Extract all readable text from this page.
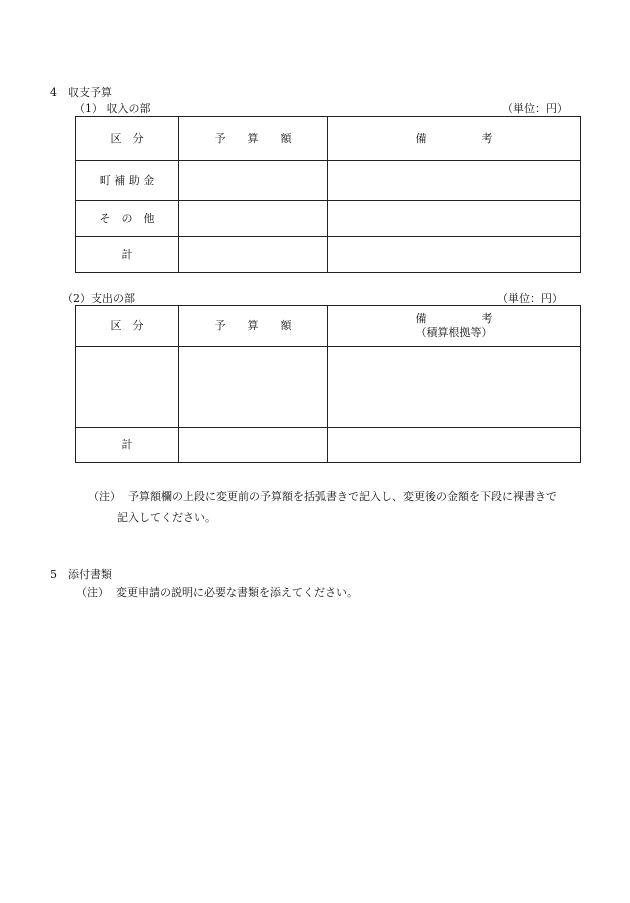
4　収支予算
（1） 収入の部	（単位：円）
区　分	予　　算　　額	備　　　　　考
町 補 助 金		
そ　の　他		
計		
（2）支出の部	（単位：円）
区　分	予　　算　　額	備　　　　　考
（積算根拠等）

計		
（注） 予算額欄の上段に変更前の予算額を括弧書きで記入し、変更後の金額を下段に裸書きで
記入してください。
5　添付書類
（注） 変更申請の説明に必要な書類を添えてください。
